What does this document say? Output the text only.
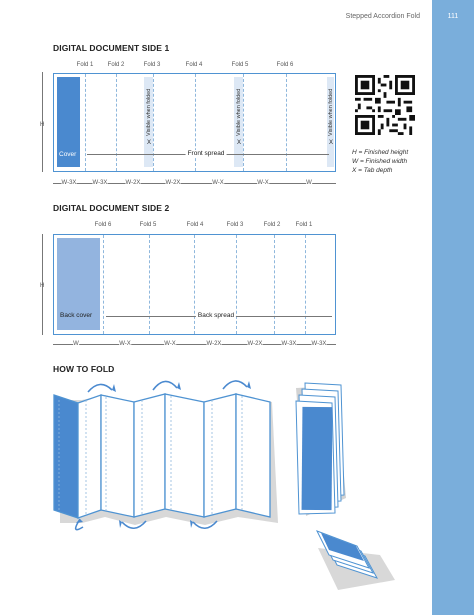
111
Stepped Accordion Fold
DIGITAL DOCUMENT SIDE 1
Fold 1 Fold 2	Fold 3	Fold 4	Fold 5	Fold 6
H	Visible when folded	Visible when folded	Visible when folded
X	X	X
Cover	Front spread
W-3X	W-3X	W-2X	W-2X	W-X	W-X	W
H = Finished height
W = Finished width
X = Tab depth
DIGITAL DOCUMENT SIDE 2
Fold 6	Fold 5	Fold 4	Fold 3	Fold 2	Fold 1
H
Back cover	Back spread
W	W-X	W-X	W-2X	W-2X	W-3X	W-3X
HOW TO FOLD
